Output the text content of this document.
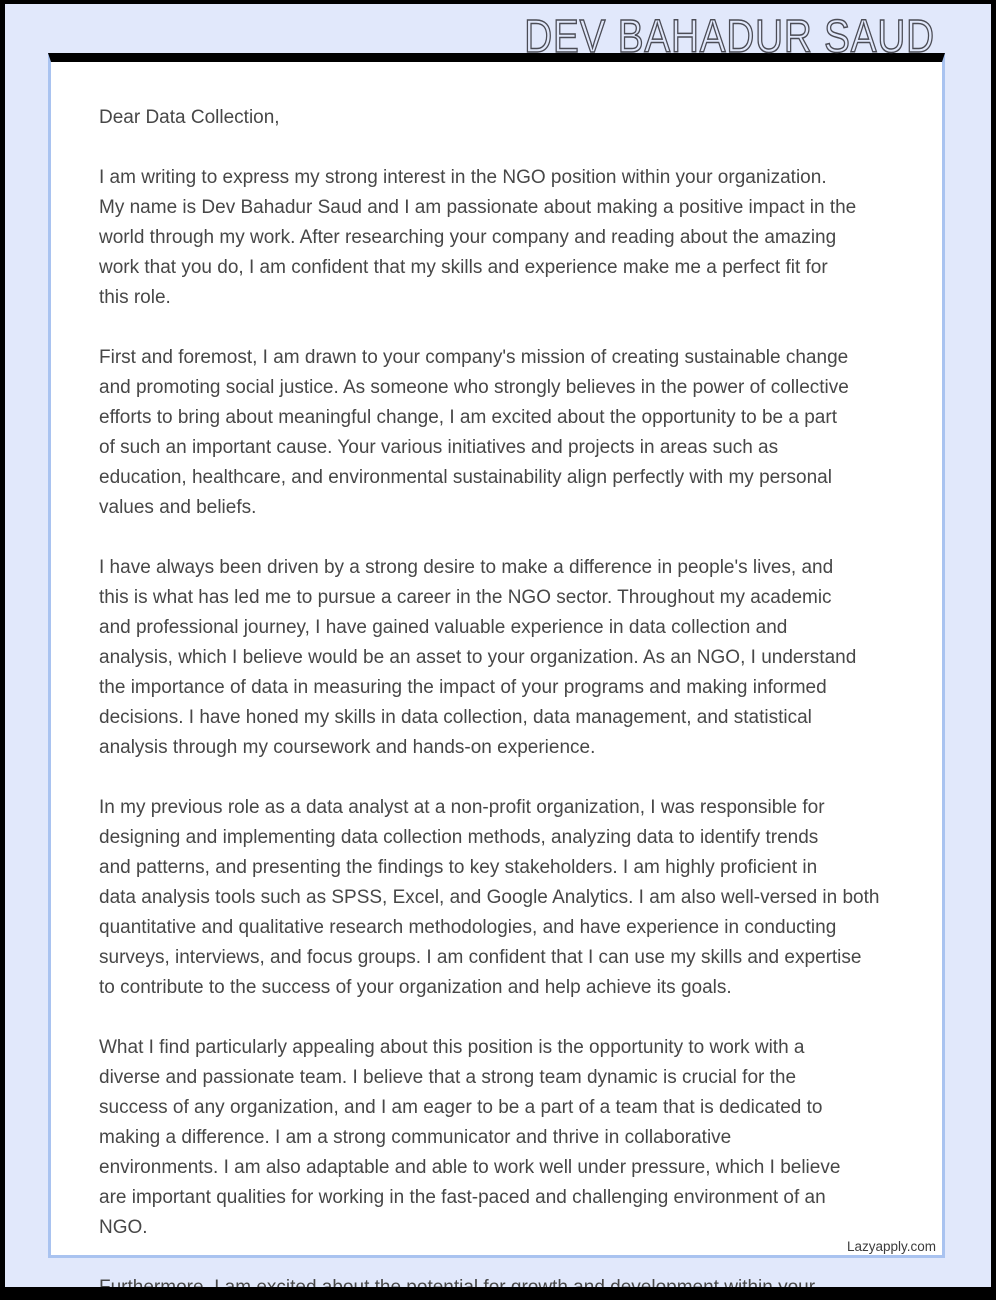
DEV BAHADUR SAUD
Dear Data Collection,
I am writing to express my strong interest in the NGO position within your organization.
My name is Dev Bahadur Saud and I am passionate about making a positive impact in the
world through my work. After researching your company and reading about the amazing
work that you do, I am confident that my skills and experience make me a perfect fit for
this role.
First and foremost, I am drawn to your company's mission of creating sustainable change
and promoting social justice. As someone who strongly believes in the power of collective
efforts to bring about meaningful change, I am excited about the opportunity to be a part
of such an important cause. Your various initiatives and projects in areas such as
education, healthcare, and environmental sustainability align perfectly with my personal
values and beliefs.
I have always been driven by a strong desire to make a difference in people's lives, and
this is what has led me to pursue a career in the NGO sector. Throughout my academic
and professional journey, I have gained valuable experience in data collection and
analysis, which I believe would be an asset to your organization. As an NGO, I understand
the importance of data in measuring the impact of your programs and making informed
decisions. I have honed my skills in data collection, data management, and statistical
analysis through my coursework and hands-on experience.
In my previous role as a data analyst at a non-profit organization, I was responsible for
designing and implementing data collection methods, analyzing data to identify trends
and patterns, and presenting the findings to key stakeholders. I am highly proficient in
data analysis tools such as SPSS, Excel, and Google Analytics. I am also well-versed in both
quantitative and qualitative research methodologies, and have experience in conducting
surveys, interviews, and focus groups. I am confident that I can use my skills and expertise
to contribute to the success of your organization and help achieve its goals.
What I find particularly appealing about this position is the opportunity to work with a
diverse and passionate team. I believe that a strong team dynamic is crucial for the
success of any organization, and I am eager to be a part of a team that is dedicated to
making a difference. I am a strong communicator and thrive in collaborative
environments. I am also adaptable and able to work well under pressure, which I believe
are important qualities for working in the fast-paced and challenging environment of an
NGO.
Lazyapply.com
